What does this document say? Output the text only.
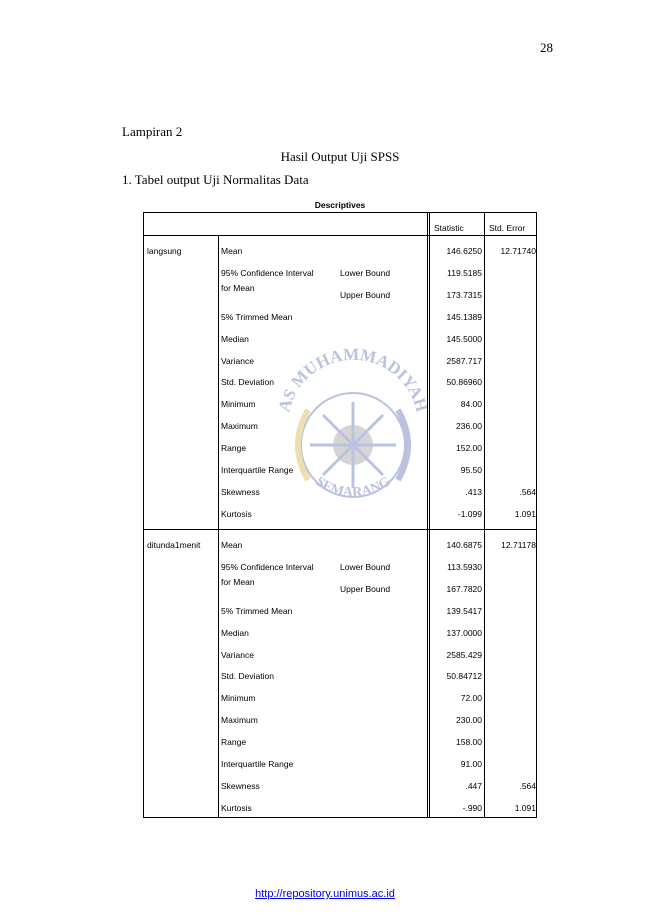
28
Lampiran 2
Hasil Output Uji SPSS
1. Tabel output Uji Normalitas Data
Descriptives
Statistic	Std. Error
langsung	Mean	146.6250	12.71740
95% Confidence Interval
for Mean
Lower Bound	119.5185
Upper Bound	173.7315
5% Trimmed Mean	145.1389
Median	145.5000
Variance	2587.717
Std. Deviation	50.86960
Minimum	84.00
Maximum	236.00
Range	152.00
Interquartile Range	95.50
Skewness	.413	.564
Kurtosis	-1.099	1.091
ditunda1menit Mean	140.6875	12.71178
95% Confidence Interval
for Mean
Lower Bound	113.5930
Upper Bound	167.7820
5% Trimmed Mean	139.5417
Median	137.0000
Variance	2585.429
Std. Deviation	50.84712
Minimum	72.00
Maximum	230.00
Range	158.00
Interquartile Range	91.00
Skewness	.447	.564
Kurtosis	-.990	1.091
AS MUHAMMADIYAH
SEMARANG
http://repository.unimus.ac.id
